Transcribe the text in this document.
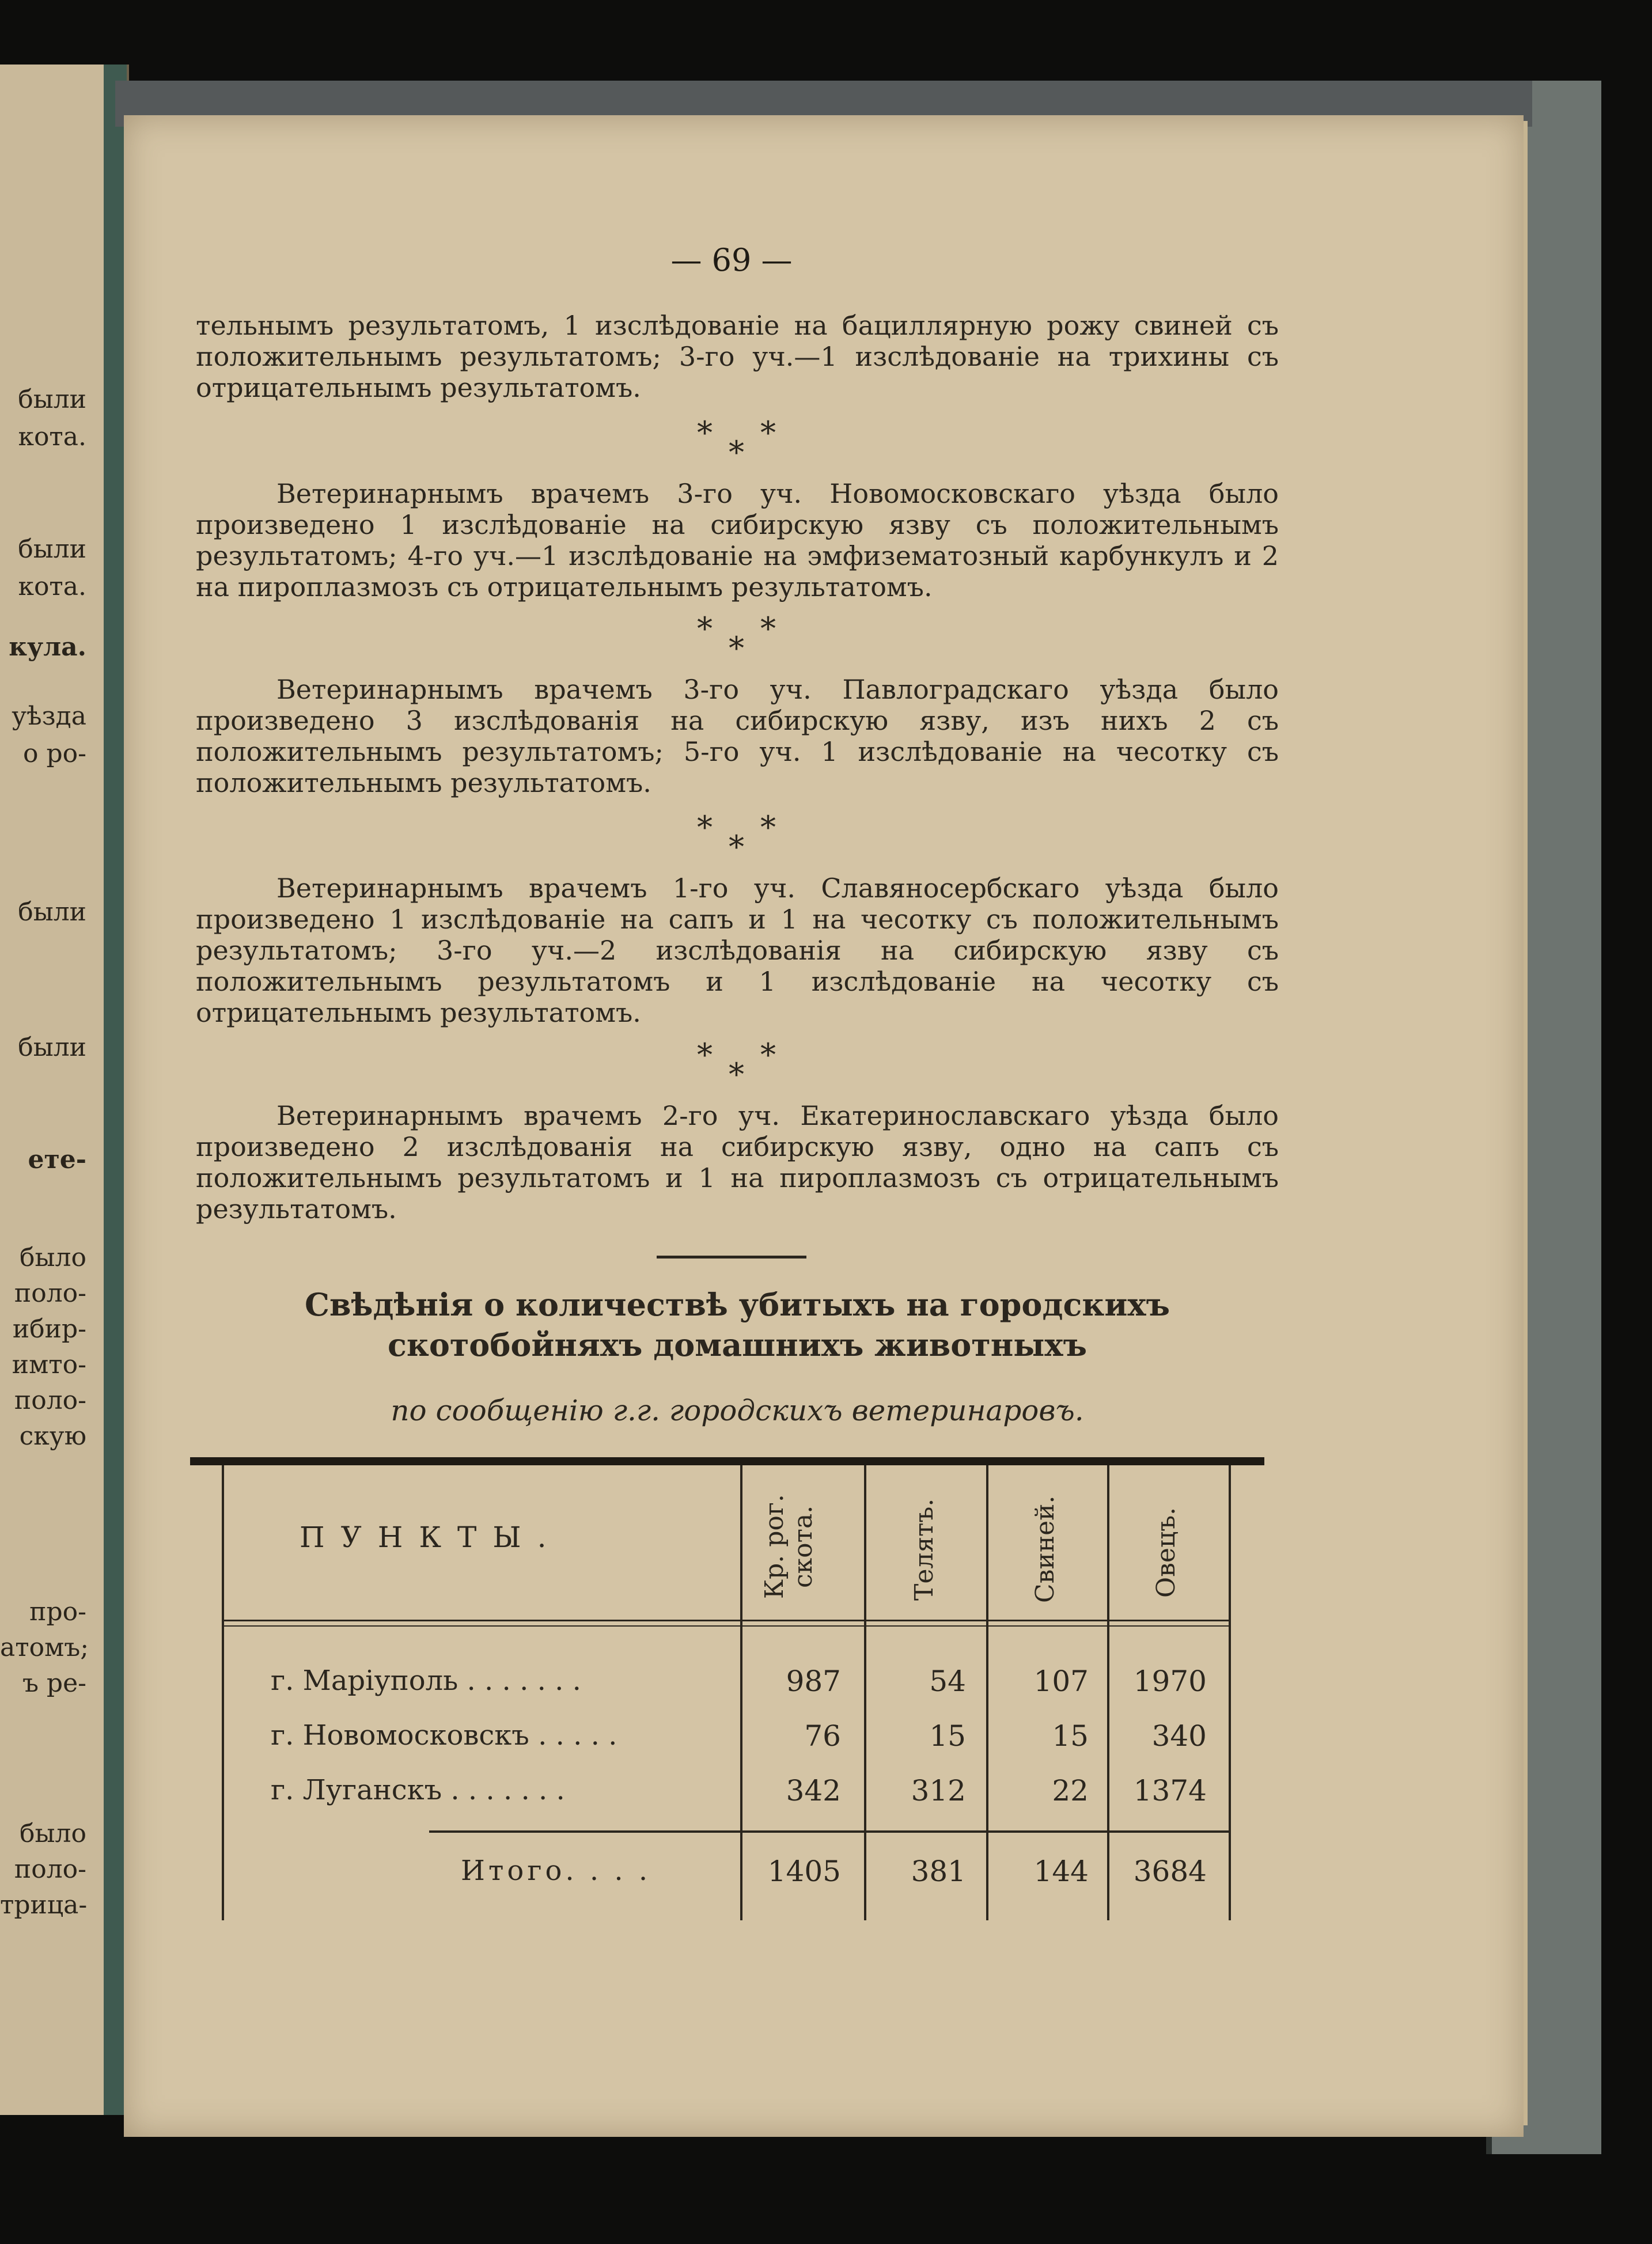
были
кота.
были
кота.
кула.
уѣзда
о ро-
были
были
ете-
было
поло-
ибир-
имто-
поло-
скую
про-
атомъ;
ъ ре-
было
поло-
трица-
— 69 —

тельнымъ результатомъ, 1 изслѣдованіе на бациллярную рожу свиней съ положительнымъ результатомъ; 3-го уч.—1 изслѣдованіе на трихины съ отрицательнымъ результатомъ.

* *
*

Ветеринарнымъ врачемъ 3-го уч. Новомосковскаго уѣзда было произведено 1 изслѣдованіе на сибирскую язву съ положительнымъ результатомъ; 4-го уч.—1 изслѣдованіе на эмфизематозный карбункулъ и 2 на пироплазмозъ съ отрицательнымъ результатомъ.

* *
*

Ветеринарнымъ врачемъ 3-го уч. Павлоградскаго уѣзда было произведено 3 изслѣдованія на сибирскую язву, изъ нихъ 2 съ положительнымъ результатомъ; 5-го уч. 1 изслѣдованіе на чесотку съ положительнымъ результатомъ.

* *
*

Ветеринарнымъ врачемъ 1-го уч. Славяносербскаго уѣзда было произведено 1 изслѣдованіе на сапъ и 1 на чесотку съ положительнымъ результатомъ; 3-го уч.—2 изслѣдованія на сибирскую язву съ положительнымъ результатомъ и 1 изслѣдованіе на чесотку съ отрицательнымъ результатомъ.

* *
*

Ветеринарнымъ врачемъ 2-го уч. Екатеринославскаго уѣзда было произведено 2 изслѣдованія на сибирскую язву, одно на сапъ съ положительнымъ результатомъ и 1 на пироплазмозъ съ отрицательнымъ результатомъ.

Свѣдѣнія о количествѣ убитыхъ на городскихъ скотобойняхъ домашнихъ животныхъ
по сообщенію г.г. городскихъ ветеринаровъ.
ПУНКТЫ.	Кр. рог. скота.	Телятъ.	Свиней.	Овецъ.
г. Маріуполь . . . . . . .	987	54	107	1970
г. Новомосковскъ . . . . .	76	15	15	340
г. Луганскъ . . . . . . .	342	312	22	1374
Итого. . . .	1405	381	144	3684
